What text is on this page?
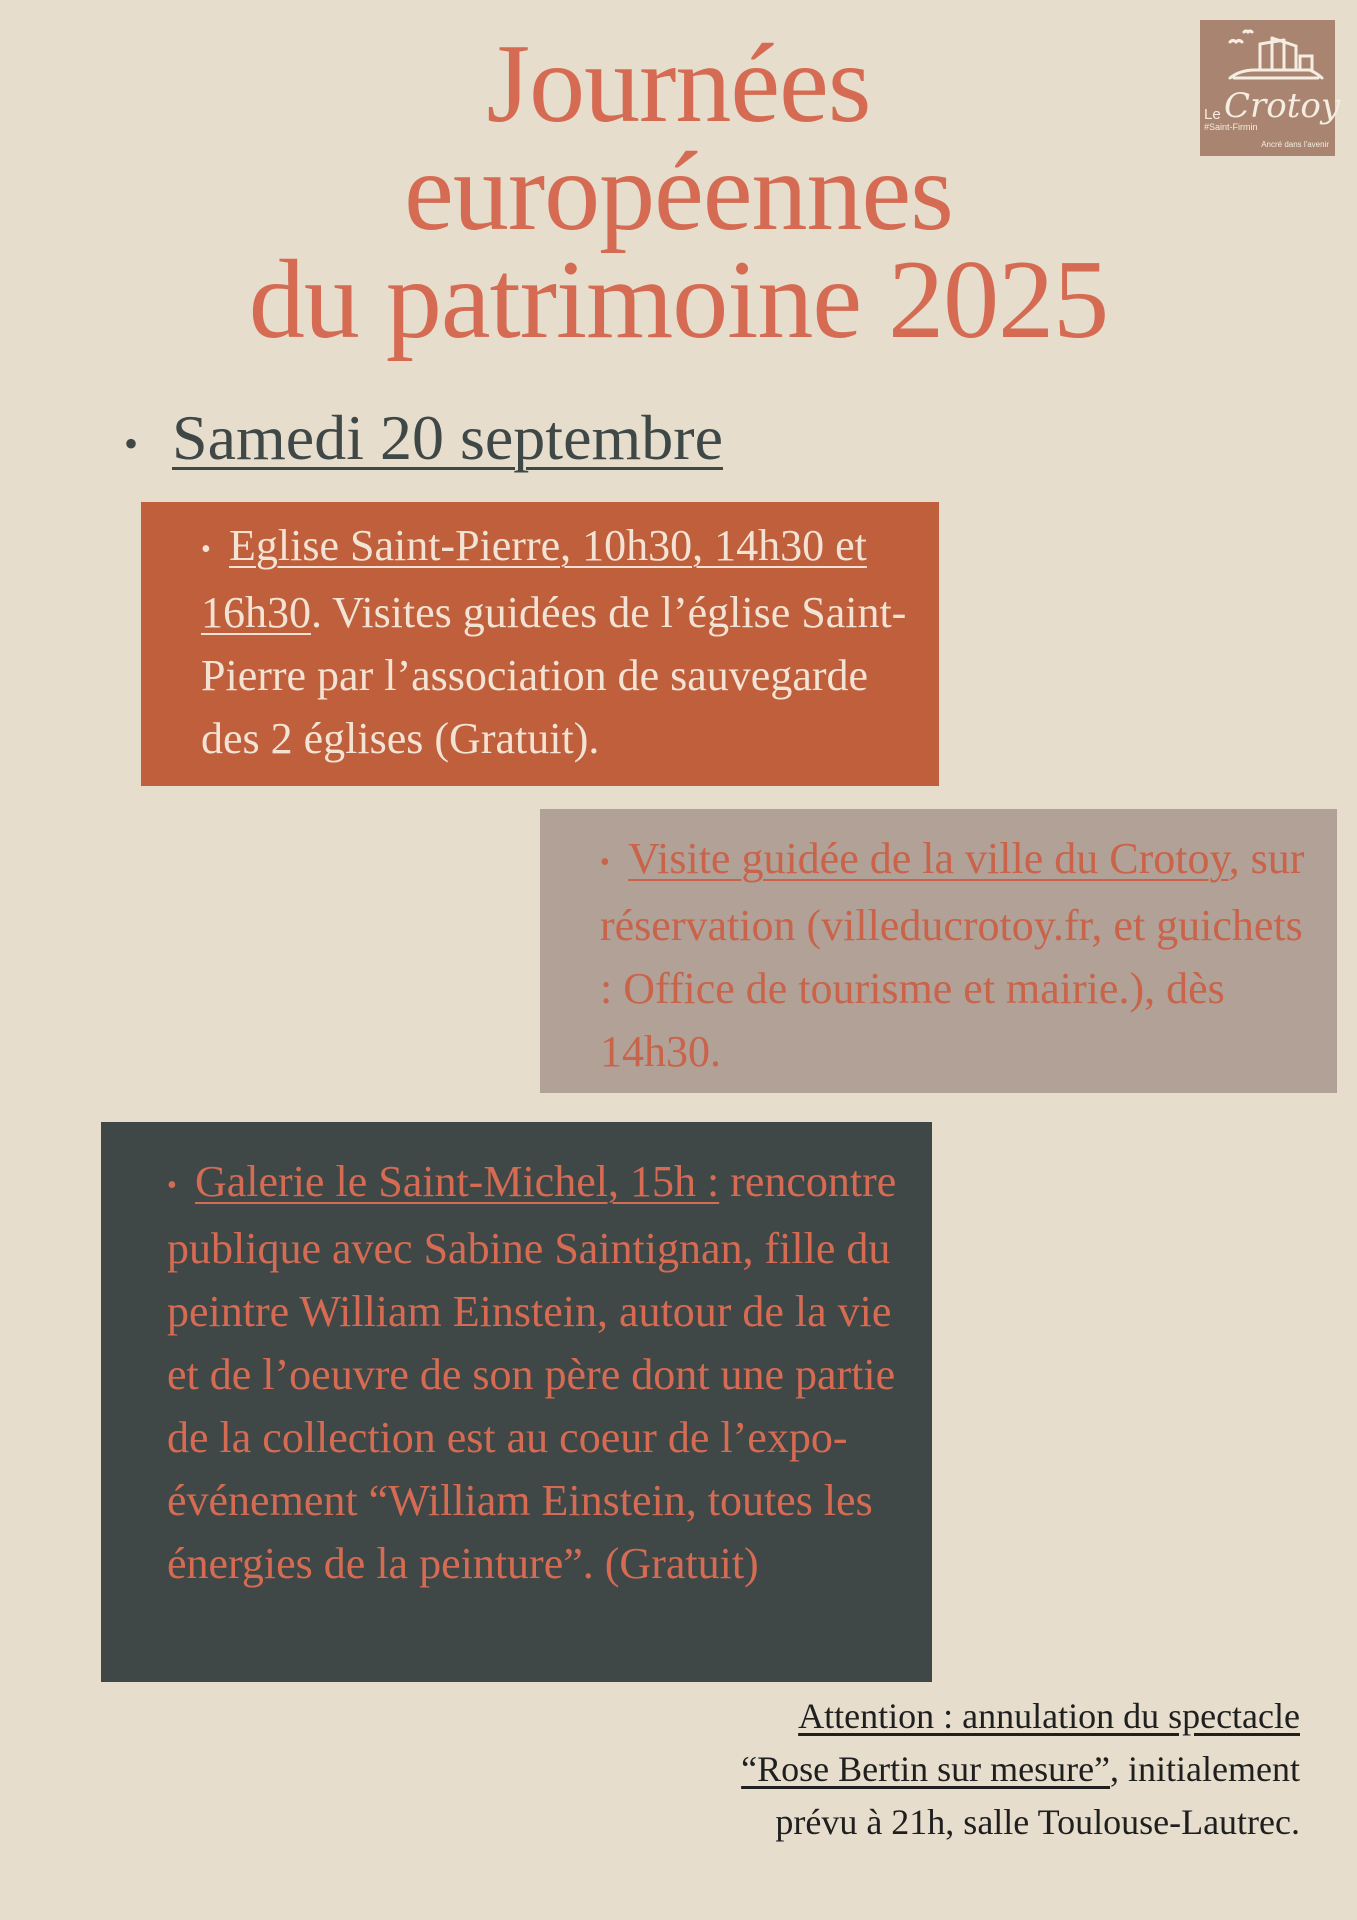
Journées
européennes
du patrimoine 2025
Le Crotoy
#Saint-Firmin
Ancré dans l'avenir
• Samedi 20 septembre

• Eglise Saint-Pierre, 10h30, 14h30 et 16h30. Visites guidées de l’église Saint-Pierre par l’association de sauvegarde des 2 églises (Gratuit).

• Visite guidée de la ville du Crotoy, sur réservation (villeducrotoy.fr, et guichets : Office de tourisme et mairie.), dès 14h30.

• Galerie le Saint-Michel, 15h : rencontre publique avec Sabine Saintignan, fille du peintre William Einstein, autour de la vie et de l’oeuvre de son père dont une partie de la collection est au coeur de l’expo-événement “William Einstein, toutes les énergies de la peinture”. (Gratuit)

Attention : annulation du spectacle “Rose Bertin sur mesure”, initialement prévu à 21h, salle Toulouse-Lautrec.
